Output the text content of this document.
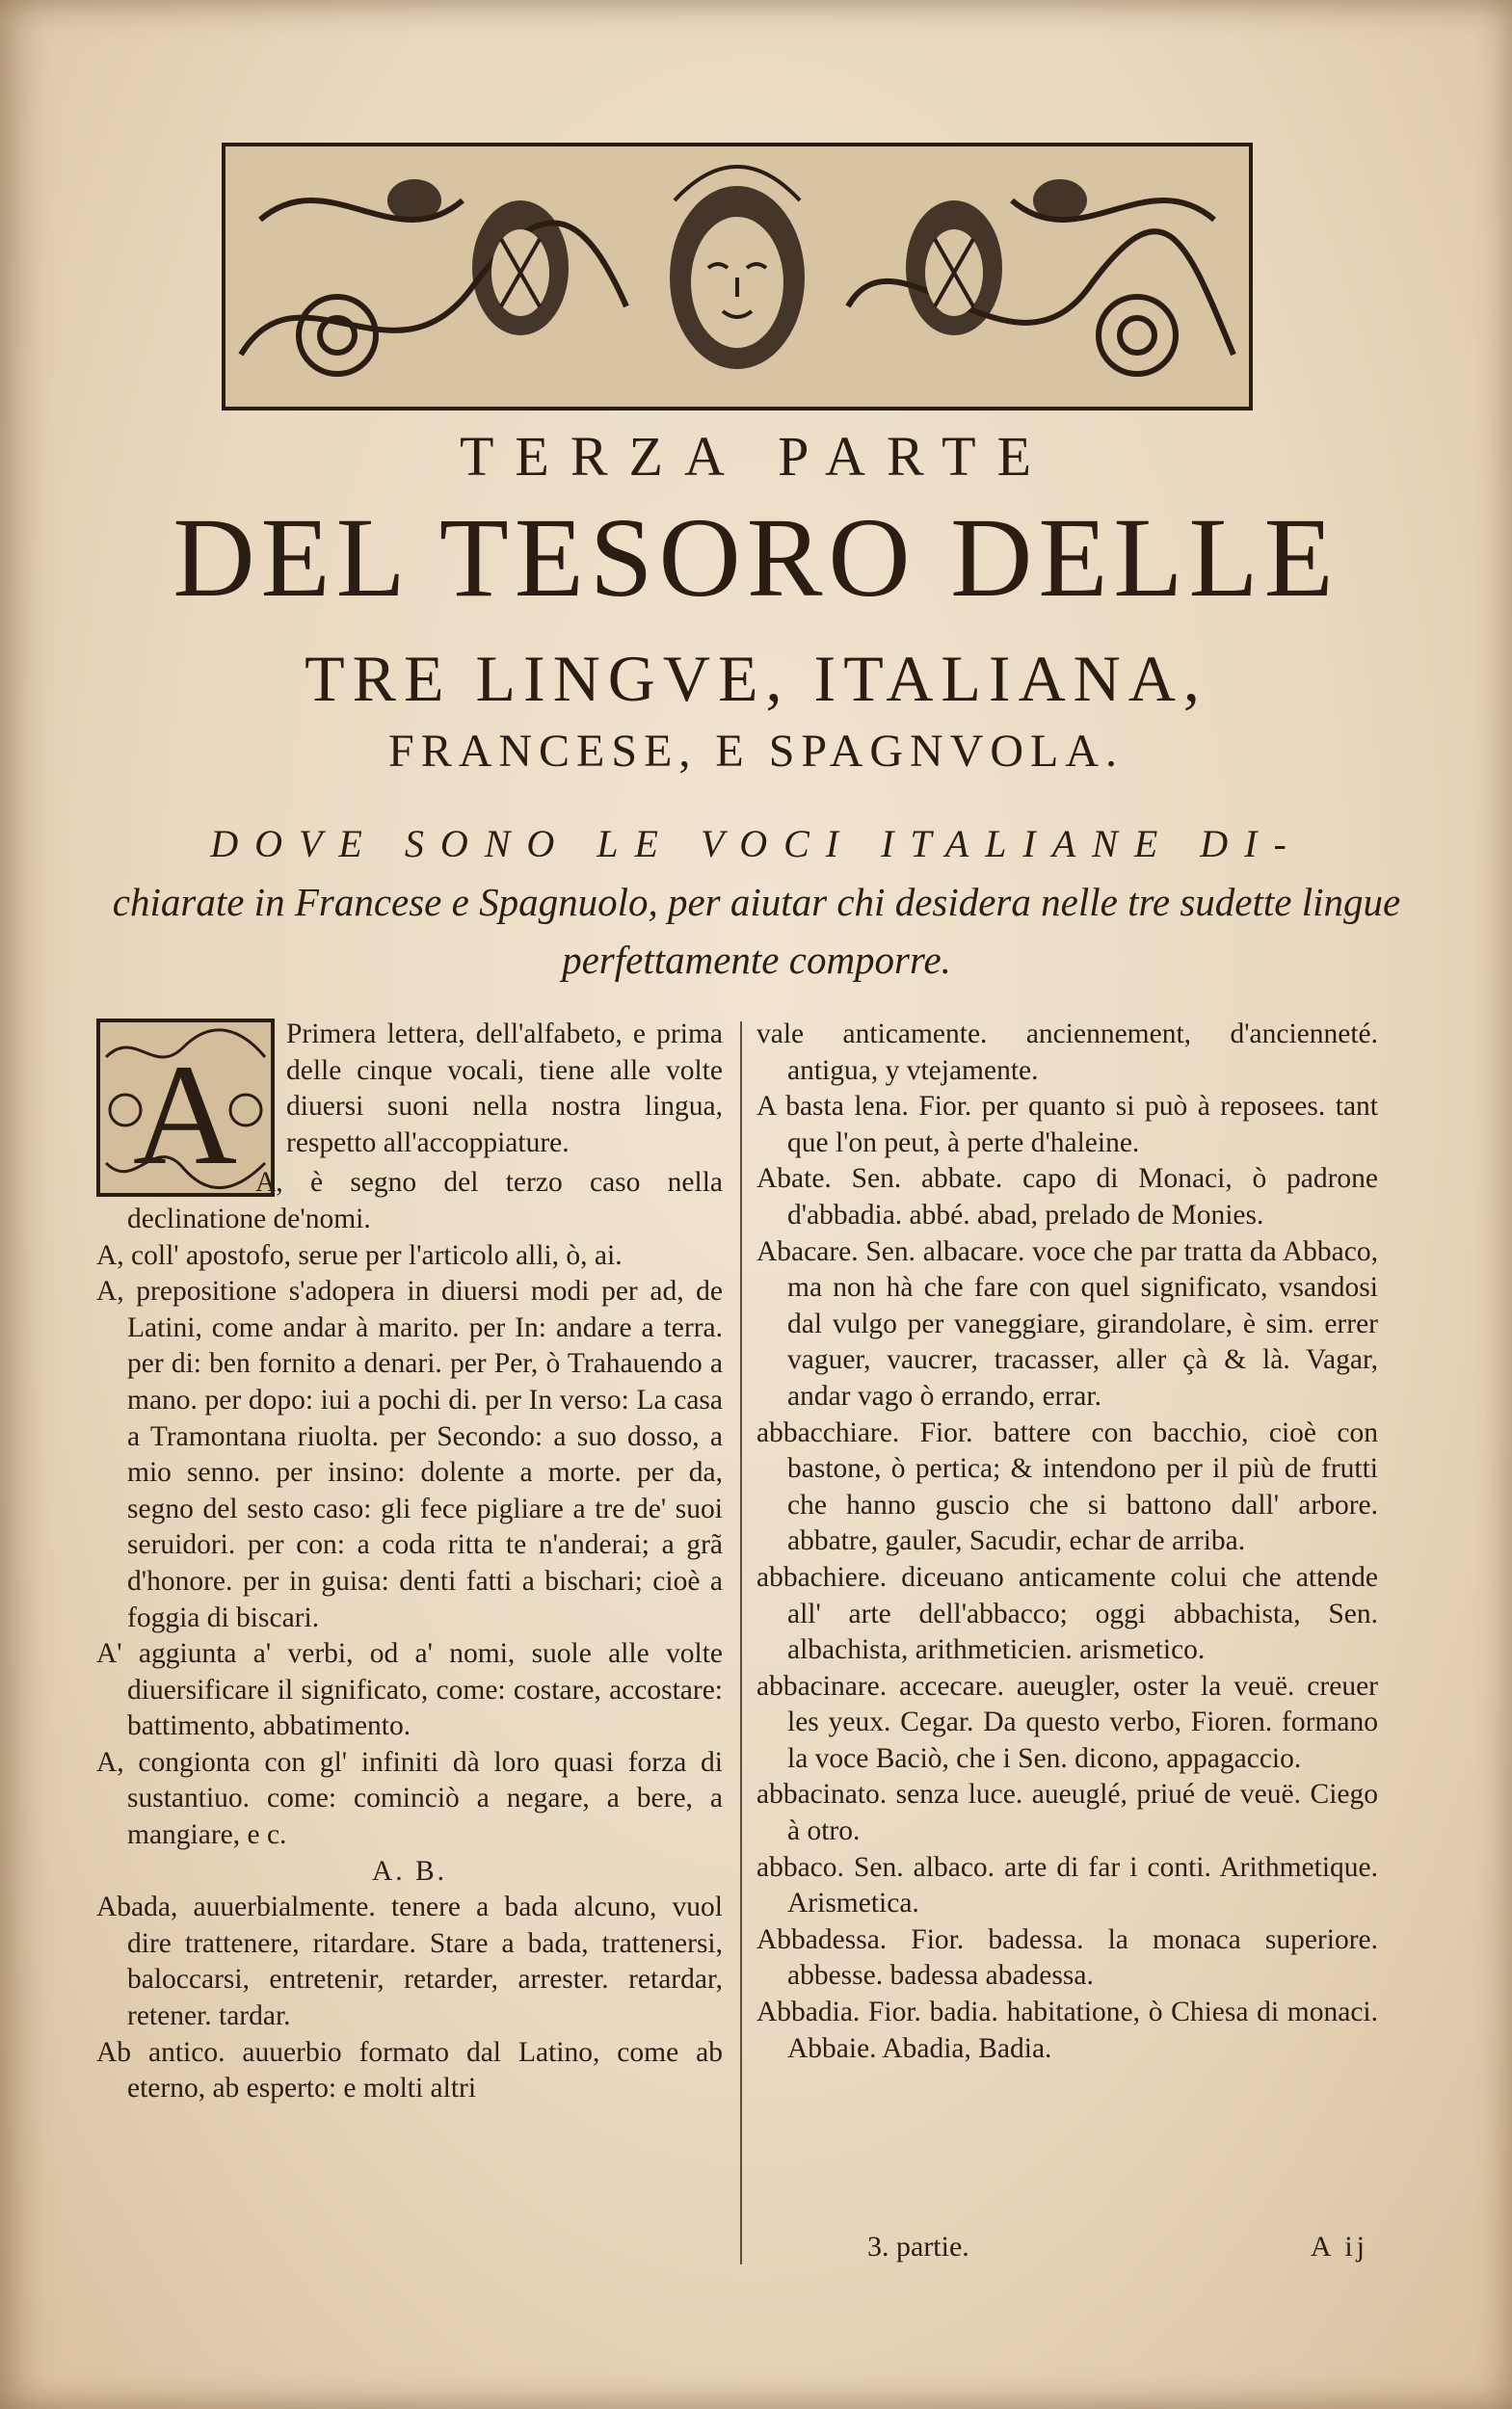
TERZA PARTE
DEL TESORO DELLE
TRE LINGVE, ITALIANA,
FRANCESE, E SPAGNVOLA.
DOVE SONO LE VOCI ITALIANE DI-
chiarate in Francese e Spagnuolo, per aiutar chi desidera nelle tre sudette lingue perfettamente comporre.
A

Primera lettera, dell'alfabeto, e prima delle cinque vocali, tiene alle volte diuersi suoni nella nostra lingua, respetto all'accoppiature.

A, è segno del terzo caso nella declinatione de'nomi.

A, coll' apostofo, serue per l'articolo alli, ò, ai.

A, prepositione s'adopera in diuersi modi per ad, de Latini, come andar à marito. per In: andare a terra. per di: ben fornito a denari. per Per, ò Trahauendo a mano. per dopo: iui a pochi di. per In verso: La casa a Tramontana riuolta. per Secondo: a suo dosso, a mio senno. per insino: dolente a morte. per da, segno del sesto caso: gli fece pigliare a tre de' suoi seruidori. per con: a coda ritta te n'anderai; a grã d'honore. per in guisa: denti fatti a bischari; cioè a foggia di biscari.

A' aggiunta a' verbi, od a' nomi, suole alle volte diuersificare il significato, come: costare, accostare: battimento, abbatimento.

A, congionta con gl' infiniti dà loro quasi forza di sustantiuo. come: cominciò a negare, a bere, a mangiare, e c.

A. B.

Abada, auuerbialmente. tenere a bada alcuno, vuol dire trattenere, ritardare. Stare a bada, trattenersi, baloccarsi, entretenir, retarder, arrester. retardar, retener. tardar.

Ab antico. auuerbio formato dal Latino, come ab eterno, ab esperto: e molti altri

vale anticamente. anciennement, d'ancienneté. antigua, y vtejamente.

A basta lena. Fior. per quanto si può à reposees. tant que l'on peut, à perte d'haleine.

Abate. Sen. abbate. capo di Monaci, ò padrone d'abbadia. abbé. abad, prelado de Monies.

Abacare. Sen. albacare. voce che par tratta da Abbaco, ma non hà che fare con quel significato, vsandosi dal vulgo per vaneggiare, girandolare, è sim. errer vaguer, vaucrer, tracasser, aller çà & là. Vagar, andar vago ò errando, errar.

abbacchiare. Fior. battere con bacchio, cioè con bastone, ò pertica; & intendono per il più de frutti che hanno guscio che si battono dall' arbore. abbatre, gauler, Sacudir, echar de arriba.

abbachiere. diceuano anticamente colui che attende all' arte dell'abbacco; oggi abbachista, Sen. albachista, arithmeticien. arismetico.

abbacinare. accecare. aueugler, oster la veuë. creuer les yeux. Cegar. Da questo verbo, Fioren. formano la voce Baciò, che i Sen. dicono, appagaccio.

abbacinato. senza luce. aueuglé, priué de veuë. Ciego à otro.

abbaco. Sen. albaco. arte di far i conti. Arithmetique. Arismetica.

Abbadessa. Fior. badessa. la monaca superiore. abbesse. badessa abadessa.

Abbadia. Fior. badia. habitatione, ò Chiesa di monaci. Abbaie. Abadia, Badia.

3. partie.	A ij
